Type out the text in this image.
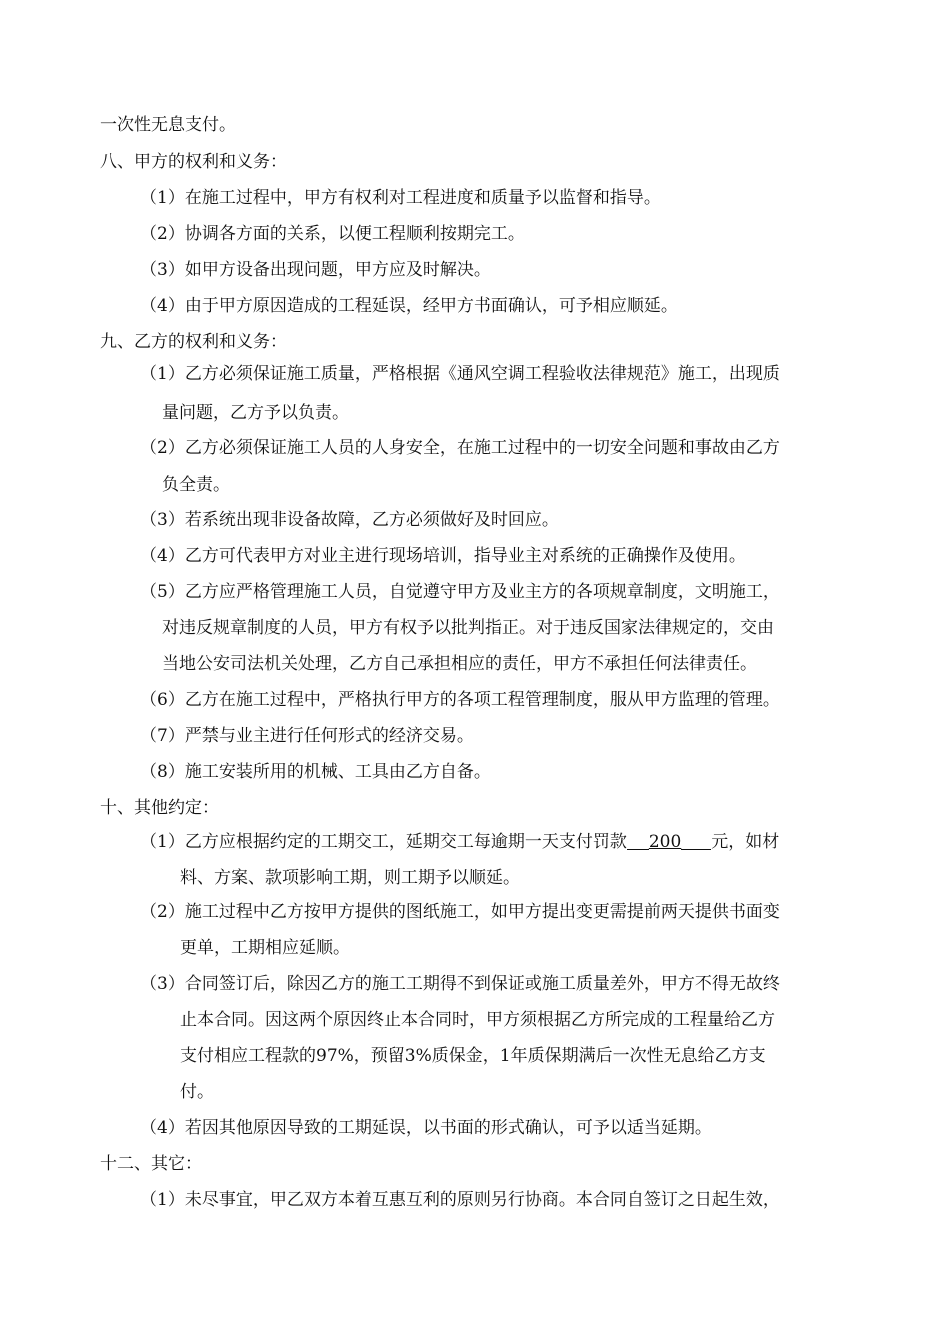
一次性无息支付。
八、甲方的权利和义务：
（1）在施工过程中，甲方有权利对工程进度和质量予以监督和指导。
（2）协调各方面的关系，以便工程顺利按期完工。
（3）如甲方设备出现问题，甲方应及时解决。
（4）由于甲方原因造成的工程延误，经甲方书面确认，可予相应顺延。
九、乙方的权利和义务：
（1）乙方必须保证施工质量，严格根据《通风空调工程验收法律规范》施工，出现质
量问题，乙方予以负责。
（2）乙方必须保证施工人员的人身安全，在施工过程中的一切安全问题和事故由乙方
负全责。
（3）若系统出现非设备故障，乙方必须做好及时回应。
（4）乙方可代表甲方对业主进行现场培训，指导业主对系统的正确操作及使用。
（5）乙方应严格管理施工人员，自觉遵守甲方及业主方的各项规章制度，文明施工，
对违反规章制度的人员，甲方有权予以批判指正。对于违反国家法律规定的，交由
当地公安司法机关处理，乙方自己承担相应的责任，甲方不承担任何法律责任。
（6）乙方在施工过程中，严格执行甲方的各项工程管理制度，服从甲方监理的管理。
（7）严禁与业主进行任何形式的经济交易。
（8）施工安装所用的机械、工具由乙方自备。
十、其他约定：
（1）乙方应根据约定的工期交工，延期交工每逾期一天支付罚款 200 元，如材
料、方案、款项影响工期，则工期予以顺延。
（2）施工过程中乙方按甲方提供的图纸施工，如甲方提出变更需提前两天提供书面变
更单，工期相应延顺。
（3）合同签订后，除因乙方的施工工期得不到保证或施工质量差外，甲方不得无故终
止本合同。因这两个原因终止本合同时，甲方须根据乙方所完成的工程量给乙方
支付相应工程款的97%，预留3%质保金，1年质保期满后一次性无息给乙方支
付。
（4）若因其他原因导致的工期延误，以书面的形式确认，可予以适当延期。
十二、其它：
（1）未尽事宜，甲乙双方本着互惠互利的原则另行协商。本合同自签订之日起生效，
